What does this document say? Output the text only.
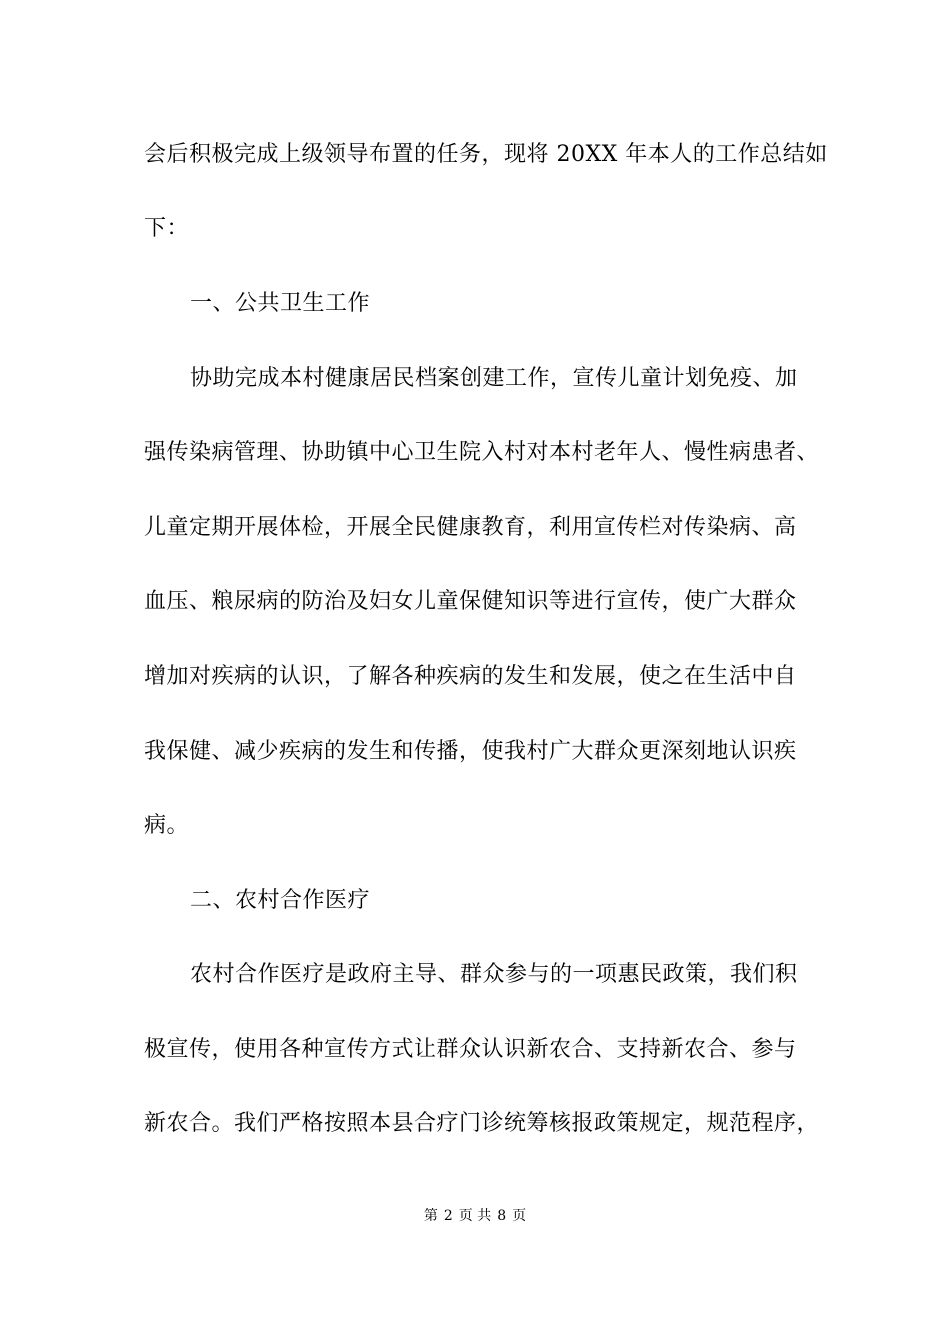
会后积极完成上级领导布置的任务，现将 20XX 年本人的工作总结如
下：
一、公共卫生工作
协助完成本村健康居民档案创建工作，宣传儿童计划免疫、加
强传染病管理、协助镇中心卫生院入村对本村老年人、慢性病患者、
儿童定期开展体检，开展全民健康教育，利用宣传栏对传染病、高
血压、粮尿病的防治及妇女儿童保健知识等进行宣传，使广大群众
增加对疾病的认识，了解各种疾病的发生和发展，使之在生活中自
我保健、减少疾病的发生和传播，使我村广大群众更深刻地认识疾
病。
二、农村合作医疗
农村合作医疗是政府主导、群众参与的一项惠民政策，我们积
极宣传，使用各种宣传方式让群众认识新农合、支持新农合、参与
新农合。我们严格按照本县合疗门诊统筹核报政策规定，规范程序，
第 2 页 共 8 页
